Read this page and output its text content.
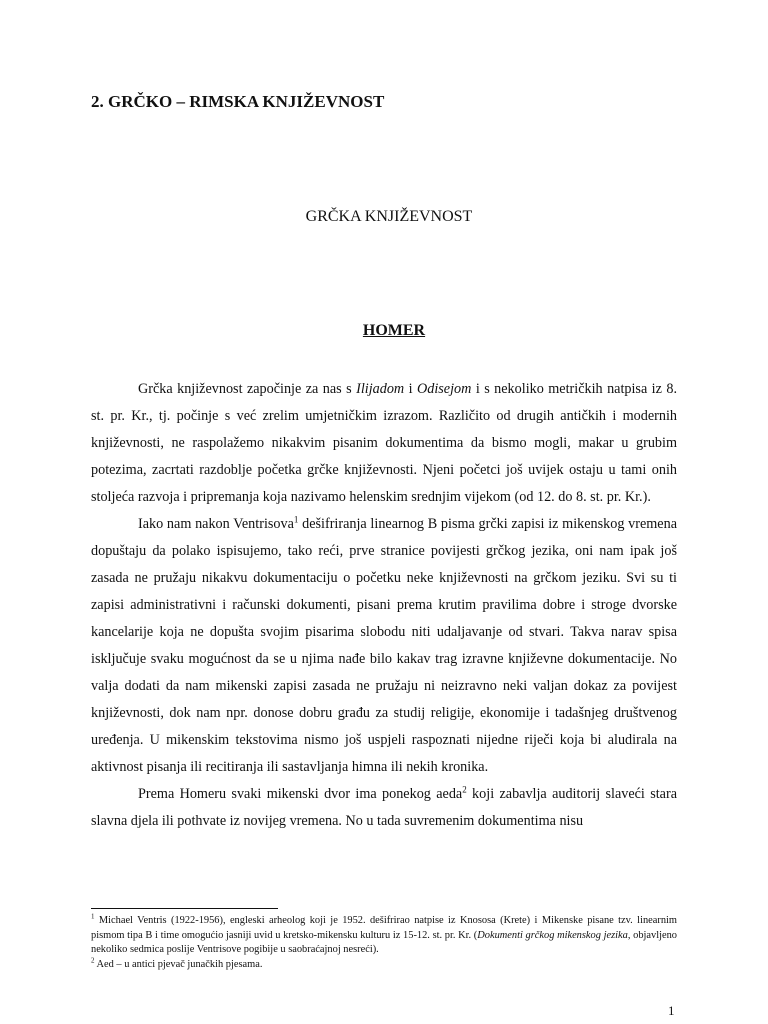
2. GRČKO – RIMSKA KNJIŽEVNOST
GRČKA KNJIŽEVNOST
HOMER

Grčka književnost započinje za nas s Ilijadom i Odisejom i s nekoliko metričkih natpisa iz 8. st. pr. Kr., tj. počinje s već zrelim umjetničkim izrazom. Različito od drugih antičkih i modernih književnosti, ne raspolažemo nikakvim pisanim dokumentima da bismo mogli, makar u grubim potezima, zacrtati razdoblje početka grčke književnosti. Njeni početci još uvijek ostaju u tami onih stoljeća razvoja i pripremanja koja nazivamo helenskim srednjim vijekom (od 12. do 8. st. pr. Kr.).

Iako nam nakon Ventrisova$^1$ dešifriranja linearnog B pisma grčki zapisi iz mikenskog vremena dopuštaju da polako ispisujemo, tako reći, prve stranice povijesti grčkog jezika, oni nam ipak još zasada ne pružaju nikakvu dokumentaciju o početku neke književnosti na grčkom jeziku. Svi su ti zapisi administrativni i računski dokumenti, pisani prema krutim pravilima dobre i stroge dvorske kancelarije koja ne dopušta svojim pisarima slobodu niti udaljavanje od stvari. Takva narav spisa isključuje svaku mogućnost da se u njima nađe bilo kakav trag izravne književne dokumentacije. No valja dodati da nam mikenski zapisi zasada ne pružaju ni neizravno neki valjan dokaz za povijest književnosti, dok nam npr. donose dobru građu za studij religije, ekonomije i tadašnjeg društvenog uređenja. U mikenskim tekstovima nismo još uspjeli raspoznati nijedne riječi koja bi aludirala na aktivnost pisanja ili recitiranja ili sastavljanja himna ili nekih kronika.

Prema Homeru svaki mikenski dvor ima ponekog aeda$^2$ koji zabavlja auditorij slaveći stara slavna djela ili pothvate iz novijeg vremena. No u tada suvremenim dokumentima nisu

$^1$ Michael Ventris (1922-1956), engleski arheolog koji je 1952. dešifrirao natpise iz Knososa (Krete) i Mikenske pisane tzv. linearnim pismom tipa B i time omogućio jasniji uvid u kretsko-mikensku kulturu iz 15-12. st. pr. Kr. (Dokumenti grčkog mikenskog jezika, objavljeno nekoliko sedmica poslije Ventrisove pogibije u saobraćajnoj nesreći).

$^2$ Aed – u antici pjevač junačkih pjesama.

1
